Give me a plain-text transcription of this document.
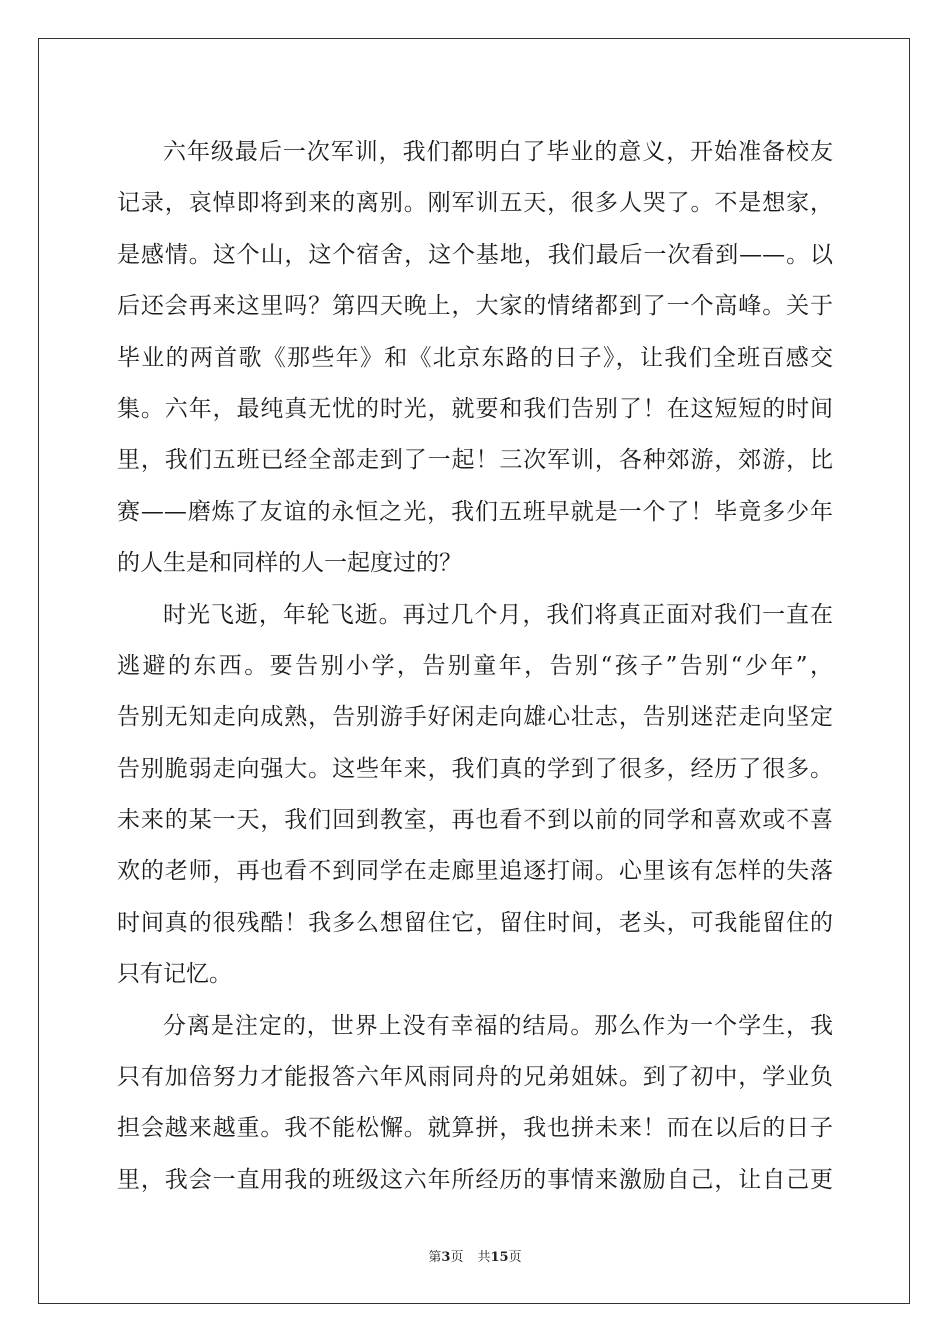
六年级最后一次军训，我们都明白了毕业的意义，开始准备校友
记录，哀悼即将到来的离别。刚军训五天，很多人哭了。不是想家，
是感情。这个山，这个宿舍，这个基地，我们最后一次看到——。以
后还会再来这里吗？第四天晚上，大家的情绪都到了一个高峰。关于
毕业的两首歌《那些年》和《北京东路的日子》，让我们全班百感交
集。六年，最纯真无忧的时光，就要和我们告别了！在这短短的时间
里，我们五班已经全部走到了一起！三次军训，各种郊游，郊游，比
赛——磨炼了友谊的永恒之光，我们五班早就是一个了！毕竟多少年
的人生是和同样的人一起度过的？
时光飞逝，年轮飞逝。再过几个月，我们将真正面对我们一直在
逃避的东西。要告别小学，告别童年，告别“孩子”告别“少年”，
告别无知走向成熟，告别游手好闲走向雄心壮志，告别迷茫走向坚定
告别脆弱走向强大。这些年来，我们真的学到了很多，经历了很多。
未来的某一天，我们回到教室，再也看不到以前的同学和喜欢或不喜
欢的老师，再也看不到同学在走廊里追逐打闹。心里该有怎样的失落
时间真的很残酷！我多么想留住它，留住时间，老头，可我能留住的
只有记忆。
分离是注定的，世界上没有幸福的结局。那么作为一个学生，我
只有加倍努力才能报答六年风雨同舟的兄弟姐妹。到了初中，学业负
担会越来越重。我不能松懈。就算拼，我也拼未来！而在以后的日子
里，我会一直用我的班级这六年所经历的事情来激励自己，让自己更
第3页 共15页
